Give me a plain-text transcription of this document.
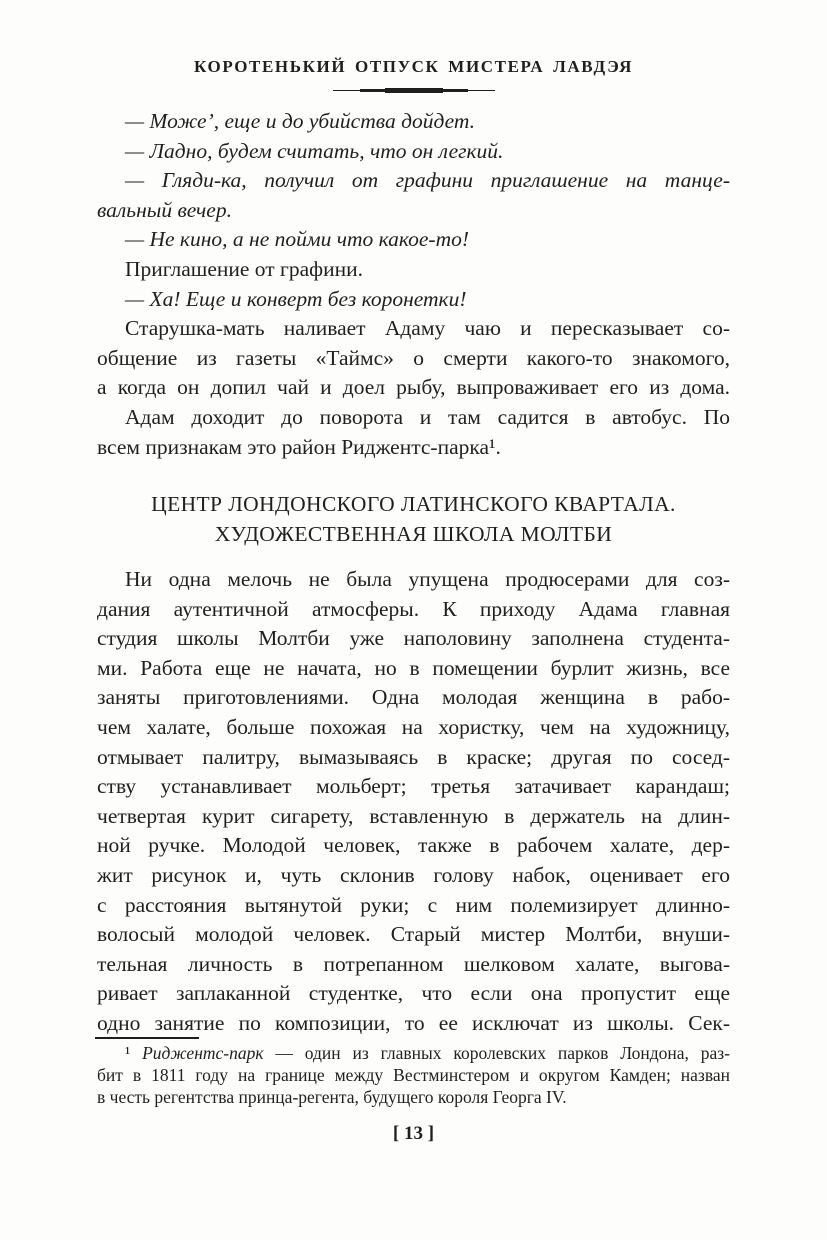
КОРОТЕНЬКИЙ ОТПУСК МИСТЕРА ЛАВДЭЯ
— Може’, еще и до убийства дойдет.
— Ладно, будем считать, что он легкий.
— Гляди-ка, получил от графини приглашение на танце-
вальный вечер.
— Не кино, а не пойми что какое-то!
Приглашение от графини.
— Ха! Еще и конверт без коронетки!
Старушка-мать наливает Адаму чаю и пересказывает со-
общение из газеты «Таймс» о смерти какого-то знакомого,
а когда он допил чай и доел рыбу, выпроваживает его из дома.
Адам доходит до поворота и там садится в автобус. По
всем признакам это район Риджентс-парка¹.
ЦЕНТР ЛОНДОНСКОГО ЛАТИНСКОГО КВАРТАЛА.
ХУДОЖЕСТВЕННАЯ ШКОЛА МОЛТБИ
Ни одна мелочь не была упущена продюсерами для соз-
дания аутентичной атмосферы. К приходу Адама главная
студия школы Молтби уже наполовину заполнена студента-
ми. Работа еще не начата, но в помещении бурлит жизнь, все
заняты приготовлениями. Одна молодая женщина в рабо-
чем халате, больше похожая на хористку, чем на художницу,
отмывает палитру, вымазываясь в краске; другая по сосед-
ству устанавливает мольберт; третья затачивает карандаш;
четвертая курит сигарету, вставленную в держатель на длин-
ной ручке. Молодой человек, также в рабочем халате, дер-
жит рисунок и, чуть склонив голову набок, оценивает его
с расстояния вытянутой руки; с ним полемизирует длинно-
волосый молодой человек. Старый мистер Молтби, внуши-
тельная личность в потрепанном шелковом халате, выгова-
ривает заплаканной студентке, что если она пропустит еще
одно занятие по композиции, то ее исключат из школы. Сек-
¹ Риджентс-парк — один из главных королевских парков Лондона, раз-
бит в 1811 году на границе между Вестминстером и округом Камден; назван
в честь регентства принца-регента, будущего короля Георга IV.
[ 13 ]
